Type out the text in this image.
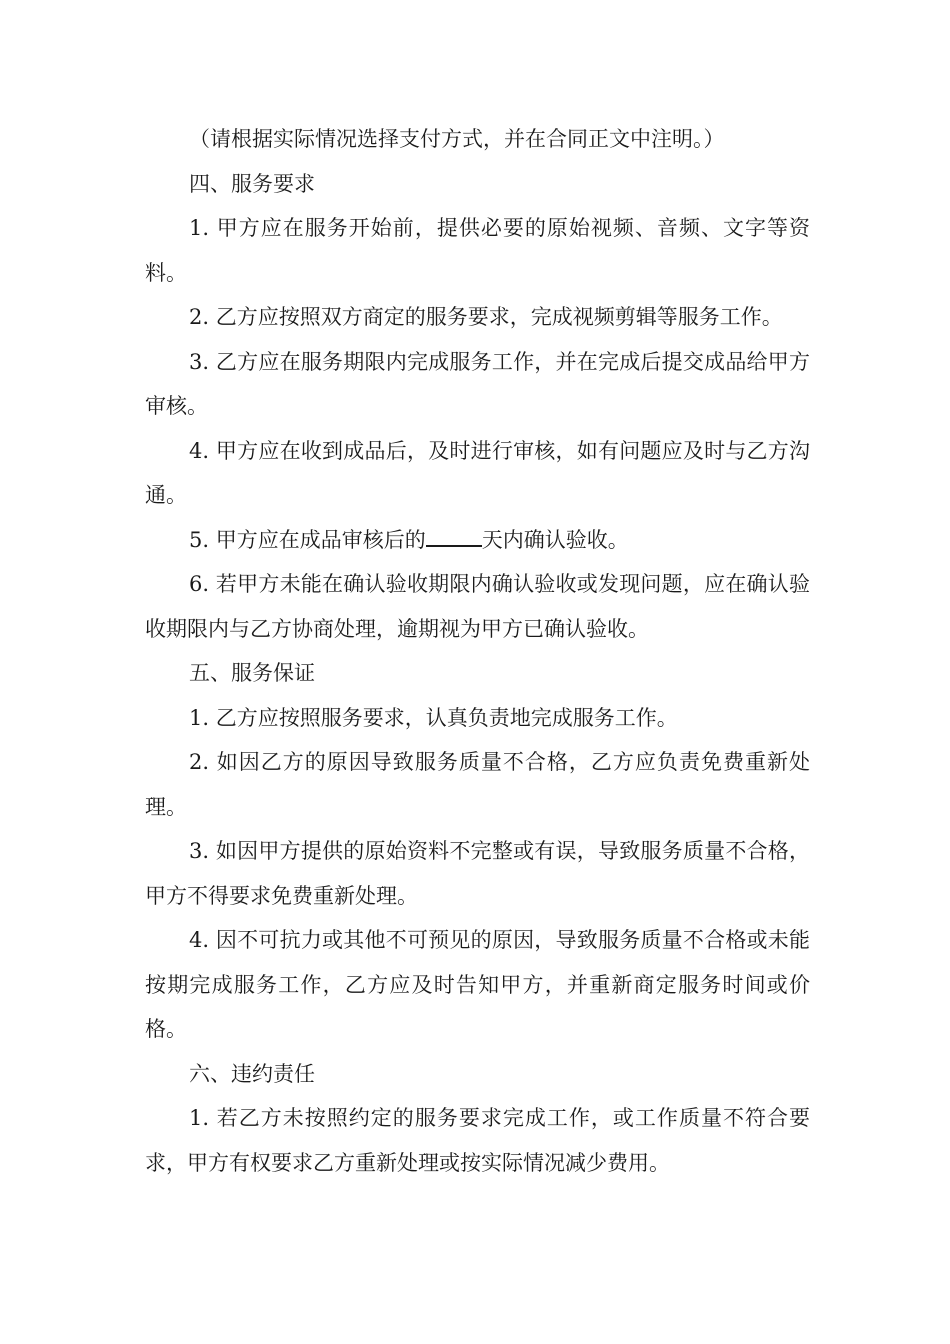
（请根据实际情况选择支付方式，并在合同正文中注明。）

四、服务要求

1. 甲方应在服务开始前，提供必要的原始视频、音频、文字等资料。

2. 乙方应按照双方商定的服务要求，完成视频剪辑等服务工作。

3. 乙方应在服务期限内完成服务工作，并在完成后提交成品给甲方审核。

4. 甲方应在收到成品后，及时进行审核，如有问题应及时与乙方沟通。

5. 甲方应在成品审核后的	天内确认验收。

6. 若甲方未能在确认验收期限内确认验收或发现问题，应在确认验收期限内与乙方协商处理，逾期视为甲方已确认验收。

五、服务保证

1. 乙方应按照服务要求，认真负责地完成服务工作。

2. 如因乙方的原因导致服务质量不合格，乙方应负责免费重新处理。

3. 如因甲方提供的原始资料不完整或有误，导致服务质量不合格，甲方不得要求免费重新处理。

4. 因不可抗力或其他不可预见的原因，导致服务质量不合格或未能按期完成服务工作，乙方应及时告知甲方，并重新商定服务时间或价格。

六、违约责任

1. 若乙方未按照约定的服务要求完成工作，或工作质量不符合要求，甲方有权要求乙方重新处理或按实际情况减少费用。
